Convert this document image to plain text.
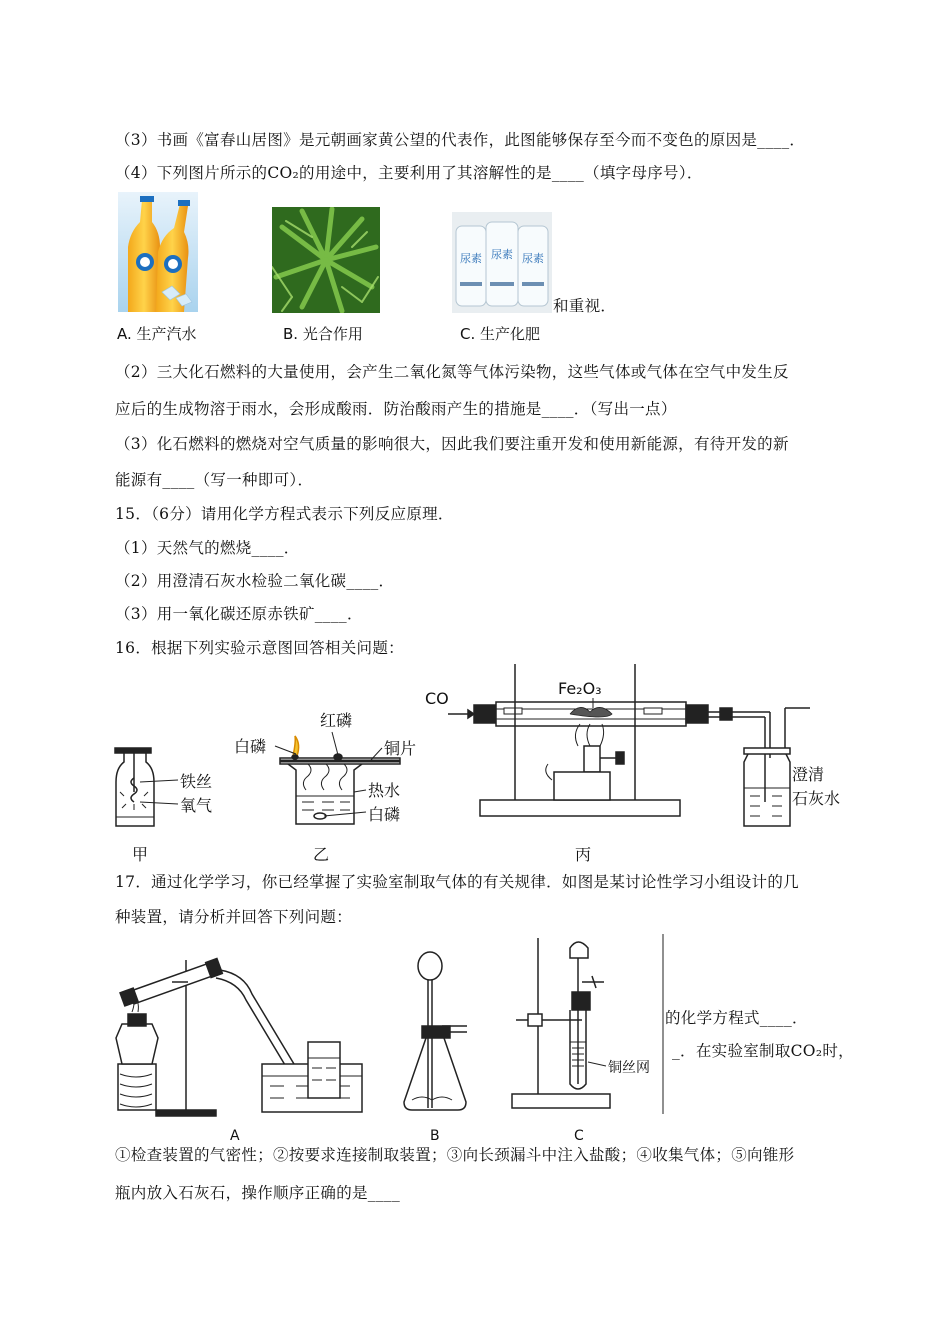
（3）书画《富春山居图》是元朝画家黄公望的代表作，此图能够保存至今而不变色的原因是____．
（4）下列图片所示的CO₂的用途中，主要利用了其溶解性的是____（填字母序号）．
尿素 尿素 尿素
和重视．
A. 生产汽水	B. 光合作用	C. 生产化肥
（2）三大化石燃料的大量使用，会产生二氧化氮等气体污染物，这些气体或气体在空气中发生反
应后的生成物溶于雨水，会形成酸雨．防治酸雨产生的措施是____．（写出一点）
（3）化石燃料的燃烧对空气质量的影响很大，因此我们要注重开发和使用新能源，有待开发的新
能源有____（写一种即可）．
15．（6分）请用化学方程式表示下列反应原理．
（1）天然气的燃烧____．
（2）用澄清石灰水检验二氧化碳____．
（3）用一氧化碳还原赤铁矿____．
16．根据下列实验示意图回答相关问题：
铁丝
氧气
甲
红磷
白磷	铜片
热水
白磷
乙
CO
Fe₂O₃
澄清
石灰水
丙
17．通过化学学习，你已经掌握了实验室制取气体的有关规律．如图是某讨论性学习小组设计的几
种装置，请分析并回答下列问题：
A	B
铜丝网
C
的化学方程式____．
_．在实验室制取CO₂时，
①检查装置的气密性；②按要求连接制取装置；③向长颈漏斗中注入盐酸；④收集气体；⑤向锥形
瓶内放入石灰石，操作顺序正确的是____
